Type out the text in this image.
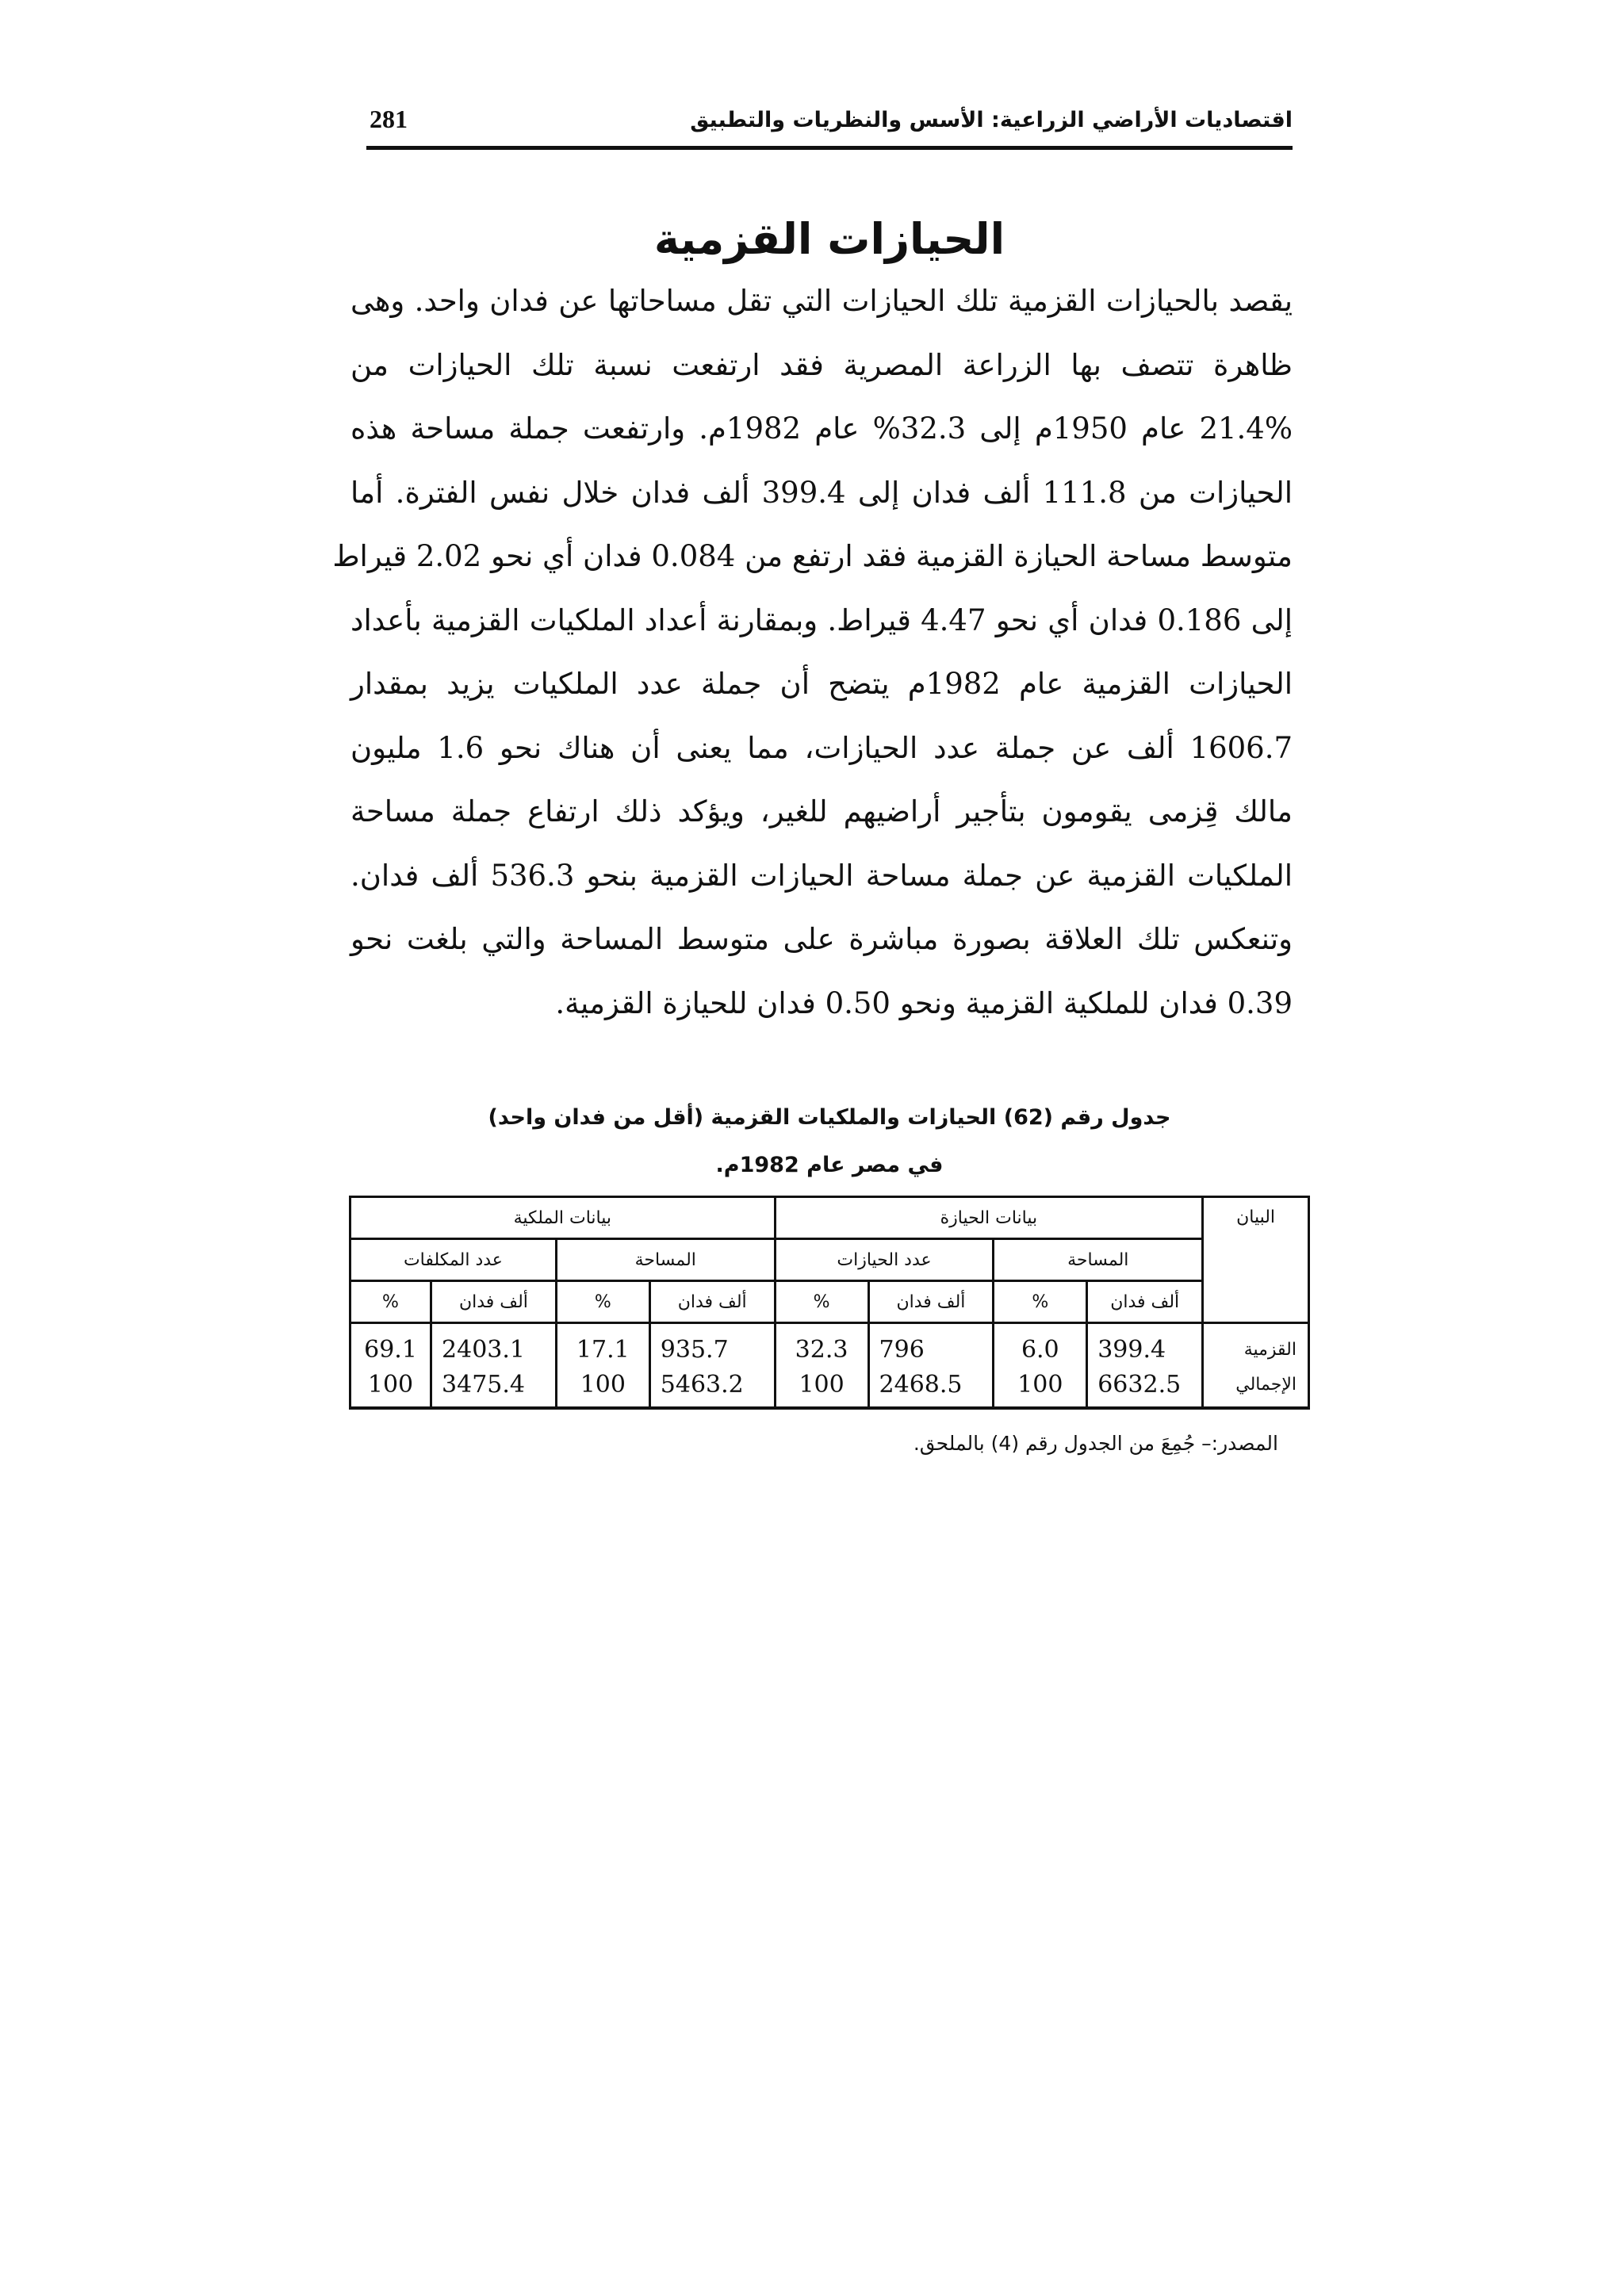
اقتصاديات الأراضي الزراعية: الأسس والنظريات والتطبيق
281
الحيازات القزمية
يقصد بالحيازات القزمية تلك الحيازات التي تقل مساحاتها عن فدان واحد. وهى
ظاهرة تتصف بها الزراعة المصرية فقد ارتفعت نسبة تلك الحيازات من
21.4% عام 1950م إلى 32.3% عام 1982م. وارتفعت جملة مساحة هذه
الحيازات من 111.8 ألف فدان إلى 399.4 ألف فدان خلال نفس الفترة. أما
متوسط مساحة الحيازة القزمية فقد ارتفع من 0.084 فدان أي نحو 2.02 قيراط
إلى 0.186 فدان أي نحو 4.47 قيراط. وبمقارنة أعداد الملكيات القزمية بأعداد
الحيازات القزمية عام 1982م يتضح أن جملة عدد الملكيات يزيد بمقدار
1606.7 ألف عن جملة عدد الحيازات، مما يعنى أن هناك نحو 1.6 مليون
مالك قِزمى يقومون بتأجير أراضيهم للغير، ويؤكد ذلك ارتفاع جملة مساحة
الملكيات القزمية عن جملة مساحة الحيازات القزمية بنحو 536.3 ألف فدان.
وتنعكس تلك العلاقة بصورة مباشرة على متوسط المساحة والتي بلغت نحو
0.39 فدان للملكية القزمية ونحو 0.50 فدان للحيازة القزمية.
جدول رقم (62) الحيازات والملكيات القزمية (أقل من فدان واحد)
في مصر عام 1982م.
البيان	بيانات الحيازة				بيانات الملكية			
	المساحة		عدد الحيازات		المساحة		عدد المكلفات	
	ألف فدان	%	ألف فدان	%	ألف فدان	%	ألف فدان	%
القزمية	399.4	6.0	796	32.3	935.7	17.1	2403.1	69.1
الإجمالي	6632.5	100	2468.5	100	5463.2	100	3475.4	100
المصدر:– جُمِعَ من الجدول رقم (4) بالملحق.
